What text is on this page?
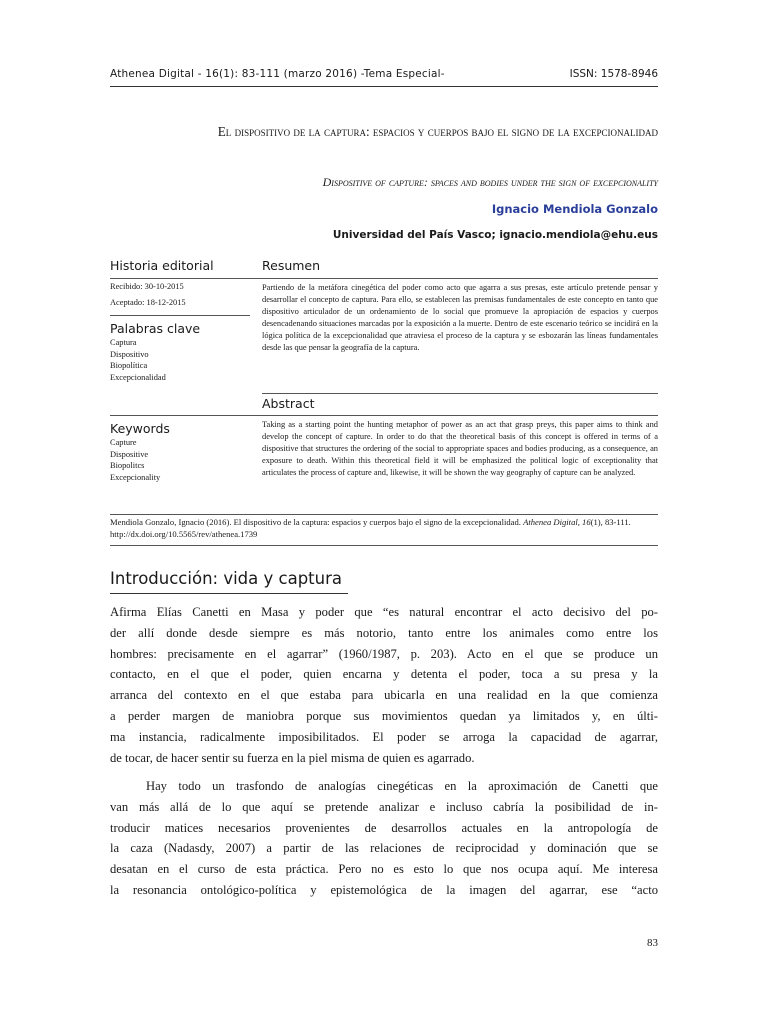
Athenea Digital - 16(1): 83-111 (marzo 2016) -Tema Especial-	ISSN: 1578-8946
El dispositivo de la captura: espacios y cuerpos bajo el signo de la excepcionalidad
Dispositive of capture: spaces and bodies under the sign of excepcionality
Ignacio Mendiola Gonzalo
Universidad del País Vasco; ignacio.mendiola@ehu.eus
Historia editorial	Resumen
Recibido: 30-10-2015
Aceptado: 18-12-2015
Palabras clave
Captura
Dispositivo
Biopolítica
Excepcionalidad
Partiendo de la metáfora cinegética del poder como acto que agarra a sus presas, este artículo pretende pensar y desarrollar el concepto de captura. Para ello, se establecen las premisas fundamentales de este concepto en tanto que dispositivo articulador de un ordenamiento de lo social que promueve la apropiación de espacios y cuerpos desencadenando situaciones marcadas por la exposición a la muerte. Dentro de este escenario teórico se incidirá en la lógica política de la excepcionalidad que atraviesa el proceso de la captura y se esbozarán las líneas fundamentales desde las que pensar la geografía de la captura.
Abstract
Keywords
Capture
Dispositive
Biopolitcs
Excepcionality
Taking as a starting point the hunting metaphor of power as an act that grasp preys, this paper aims to think and develop the concept of capture. In order to do that the theoretical basis of this concept is offered in terms of a dispositive that structures the ordering of the social to appropriate spaces and bodies producing, as a consequence, an exposure to death. Within this theoretical field it will be emphasized the political logic of exceptionality that articulates the process of capture and, likewise, it will be shown the way geography of capture can be analyzed.
Mendiola Gonzalo, Ignacio (2016). El dispositivo de la captura: espacios y cuerpos bajo el signo de la excepcionalidad. Athenea Digital, 16(1), 83-111. http://dx.doi.org/10.5565/rev/athenea.1739
Introducción: vida y captura
Afirma Elías Canetti en Masa y poder que “es natural encontrar el acto decisivo del po-
der allí donde desde siempre es más notorio, tanto entre los animales como entre los
hombres: precisamente en el agarrar” (1960/1987, p. 203). Acto en el que se produce un
contacto, en el que el poder, quien encarna y detenta el poder, toca a su presa y la
arranca del contexto en el que estaba para ubicarla en una realidad en la que comienza
a perder margen de maniobra porque sus movimientos quedan ya limitados y, en últi-
ma instancia, radicalmente imposibilitados. El poder se arroga la capacidad de agarrar,
de tocar, de hacer sentir su fuerza en la piel misma de quien es agarrado.
Hay todo un trasfondo de analogías cinegéticas en la aproximación de Canetti que
van más allá de lo que aquí se pretende analizar e incluso cabría la posibilidad de in-
troducir matices necesarios provenientes de desarrollos actuales en la antropología de
la caza (Nadasdy, 2007) a partir de las relaciones de reciprocidad y dominación que se
desatan en el curso de esta práctica. Pero no es esto lo que nos ocupa aquí. Me interesa
la resonancia ontológico-política y epistemológica de la imagen del agarrar, ese “acto
83
